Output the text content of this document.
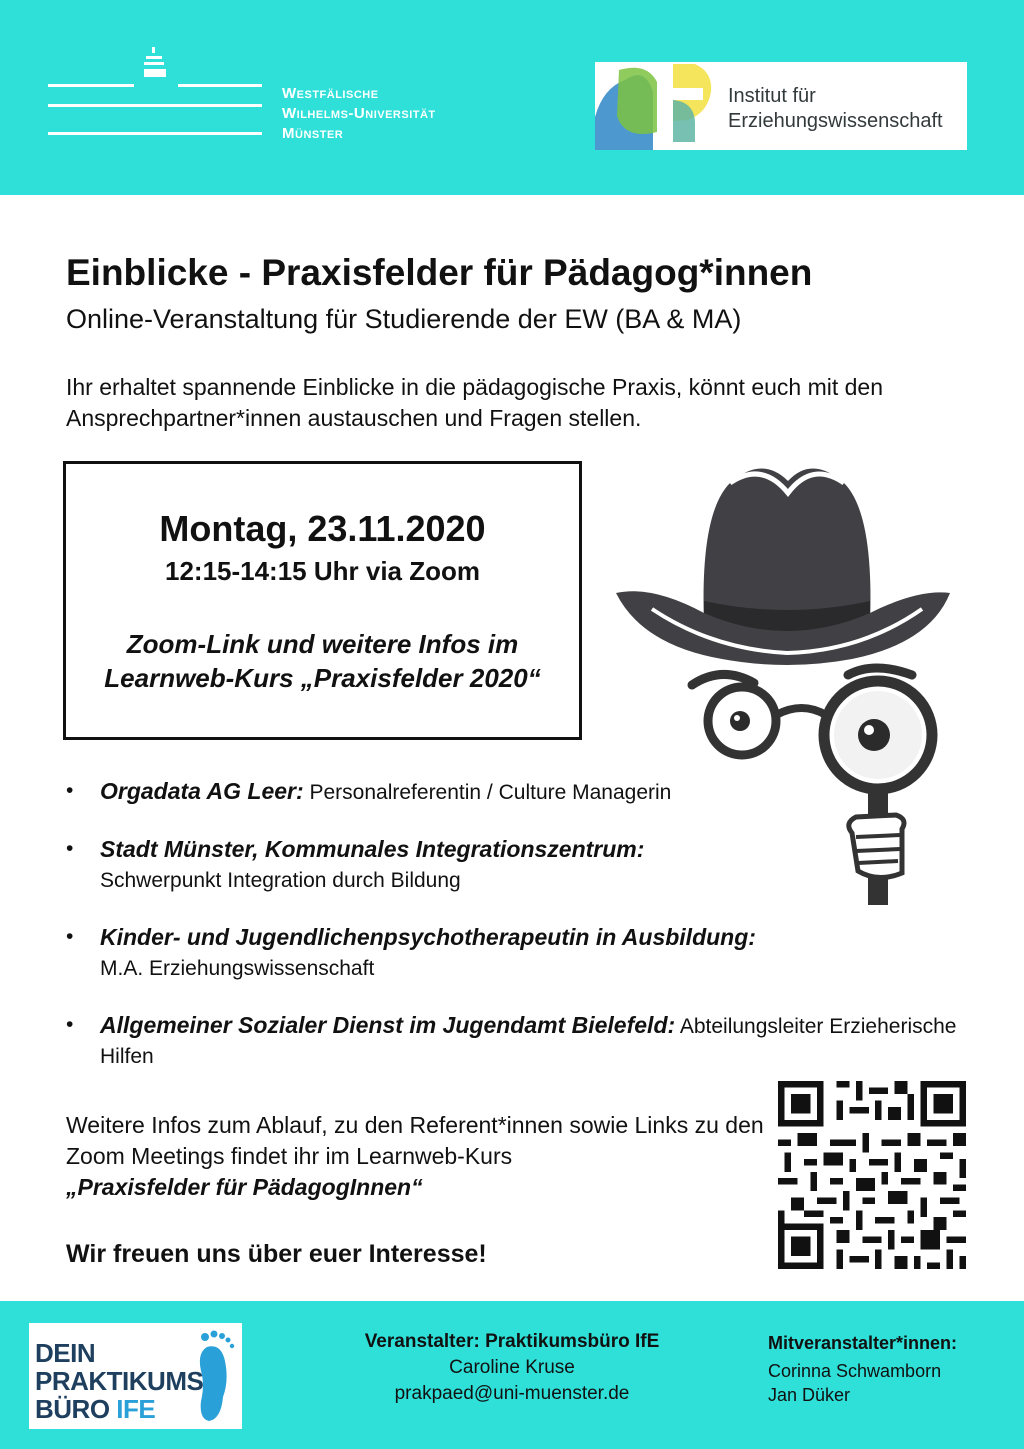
Westfälische
Wilhelms-Universität
Münster
Institut für
Erziehungswissenschaft
Einblicke - Praxisfelder für Pädagog*innen
Online-Veranstaltung für Studierende der EW (BA & MA)
Ihr erhaltet spannende Einblicke in die pädagogische Praxis, könnt euch mit den Ansprechpartner*innen austauschen und Fragen stellen.
Montag, 23.11.2020
12:15-14:15 Uhr via Zoom
Zoom-Link und weitere Infos im
Learnweb-Kurs „Praxisfelder 2020“
• Orgadata AG Leer: Personalreferentin / Culture Managerin
• Stadt Münster, Kommunales Integrationszentrum:
Schwerpunkt Integration durch Bildung
• Kinder- und Jugendlichenpsychotherapeutin in Ausbildung:
M.A. Erziehungswissenschaft
• Allgemeiner Sozialer Dienst im Jugendamt Bielefeld: Abteilungsleiter Erzieherische Hilfen
Weitere Infos zum Ablauf, zu den Referent*innen sowie Links zu den Zoom Meetings findet ihr im Learnweb-Kurs
„Praxisfelder für PädagogInnen“
Wir freuen uns über euer Interesse!
DEIN
PRAKTIKUMS
BÜRO IFE
Veranstalter: Praktikumsbüro IfE
Caroline Kruse
prakpaed@uni-muenster.de
Mitveranstalter*innen:
Corinna Schwamborn
Jan Düker
